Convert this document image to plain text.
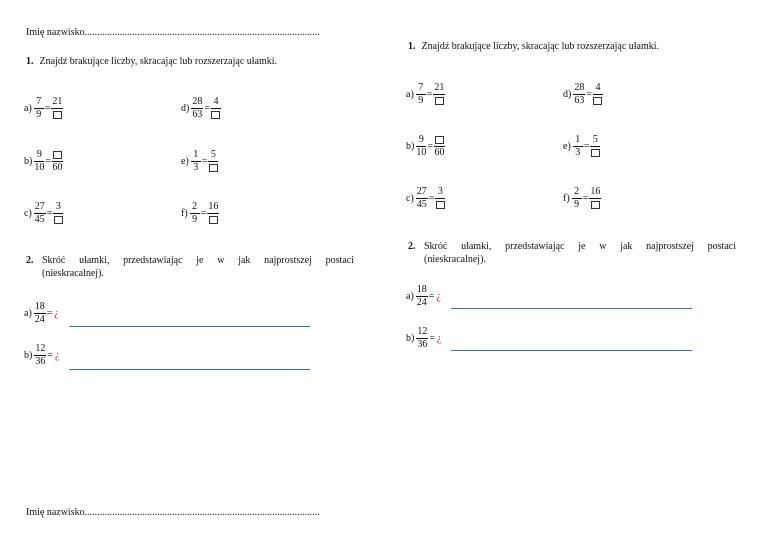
Imię nazwisko..............................................................................................
1. Znajdź brakujące liczby, skracając lub rozszerzając ułamki.
$a) \frac{7}{9}$ =
21
$d) \frac{28}{63}$ =
4
$b) \frac{9}{10}$ =
60
$e) \frac{1}{3}$ =
5
$c) \frac{27}{45}$ =
3
$f) \frac{2}{9}$ =
16
2. Skróć ułamki, przedstawiając je w jak najprostszej postaci
(nieskracalnej).
$a) \frac{18}{24}$ = ¿
$b) \frac{12}{36}$ = ¿
1. Znajdź brakujące liczby, skracając lub rozszerzając ułamki.
$a) \frac{7}{9}$ =
21
$d) \frac{28}{63}$ =
4
$b) \frac{9}{10}$ =
60
$e) \frac{1}{3}$ =
5
$c) \frac{27}{45}$ =
3
$f) \frac{2}{9}$ =
16
2. Skróć ułamki, przedstawiając je w jak najprostszej postaci
(nieskracalnej).
$a) \frac{18}{24}$ = ¿
$b) \frac{12}{36}$ = ¿
Imię nazwisko..............................................................................................
